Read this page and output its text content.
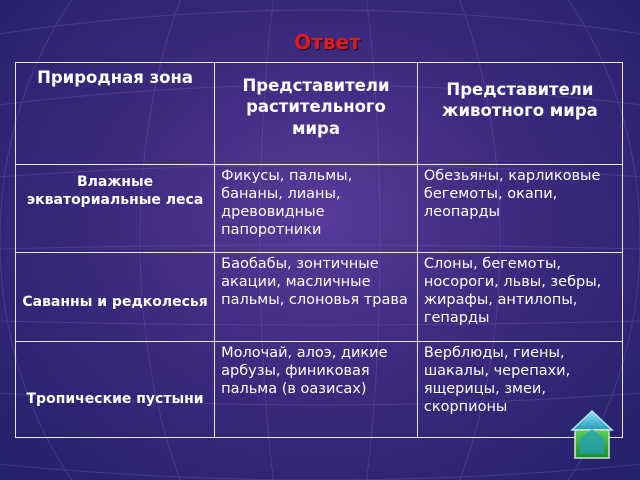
Ответ
Природная зона	Представители растительного мира	Представители животного мира
Влажные экваториальные леса	Фикусы, пальмы, бананы, лианы, древовидные папоротники	Обезьяны, карликовые бегемоты, окапи, леопарды
Саванны и редколесья	Баобабы, зонтичные акации, масличные пальмы, слоновья трава	Слоны, бегемоты, носороги, львы, зебры, жирафы, антилопы, гепарды
Тропические пустыни	Молочай, алоэ, дикие арбузы, финиковая пальма (в оазисах)	Верблюды, гиены, шакалы, черепахи, ящерицы, змеи, скорпионы
